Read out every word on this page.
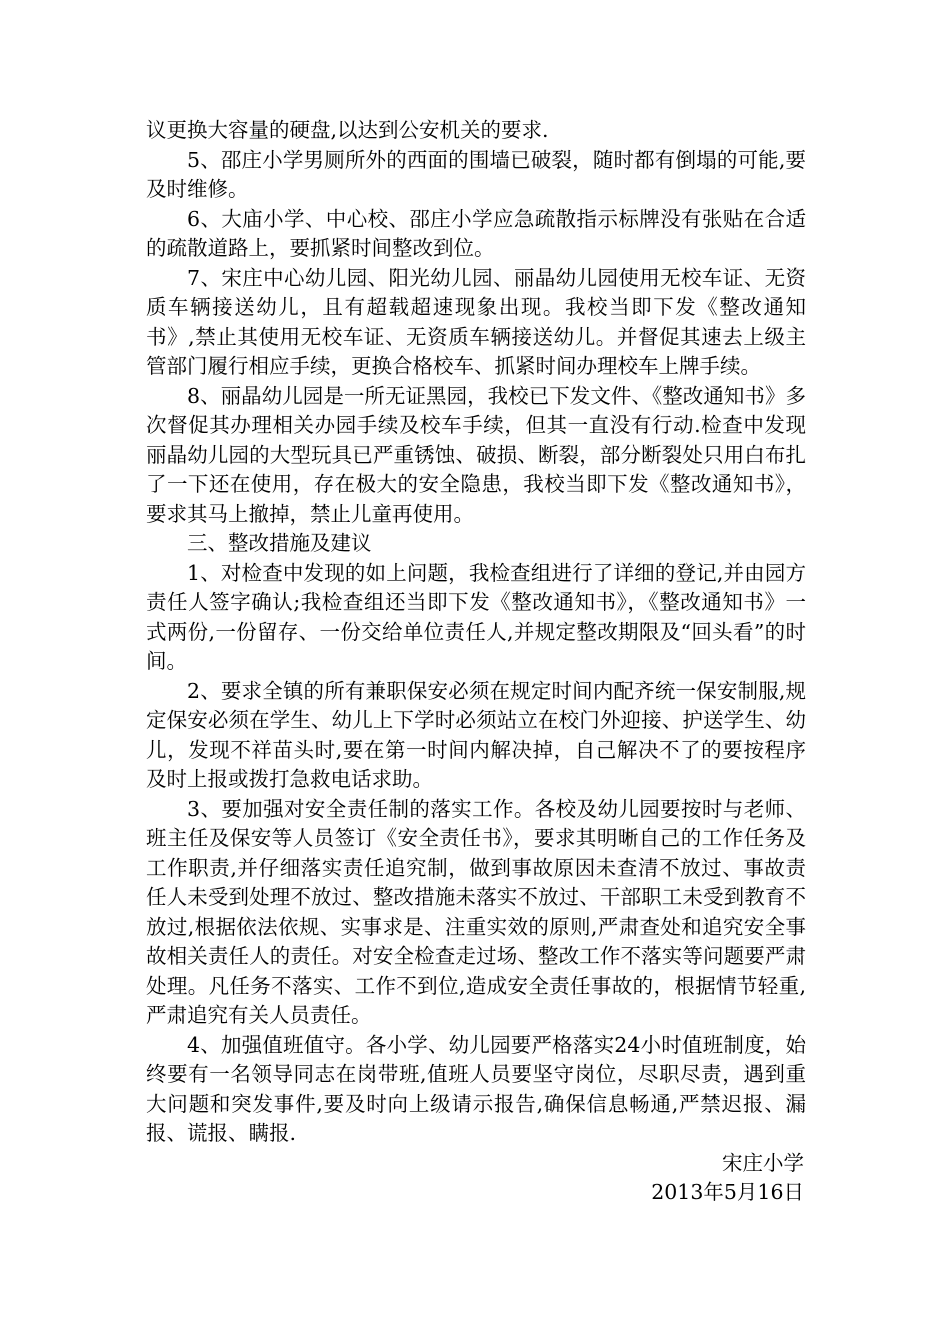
议更换大容量的硬盘,以达到公安机关的要求.

5、邵庄小学男厕所外的西面的围墙已破裂，随时都有倒塌的可能,要及时维修。

6、大庙小学、中心校、邵庄小学应急疏散指示标牌没有张贴在合适的疏散道路上，要抓紧时间整改到位。

7、宋庄中心幼儿园、阳光幼儿园、丽晶幼儿园使用无校车证、无资质车辆接送幼儿，且有超载超速现象出现。我校当即下发《整改通知书》,禁止其使用无校车证、无资质车辆接送幼儿。并督促其速去上级主管部门履行相应手续，更换合格校车、抓紧时间办理校车上牌手续。

8、丽晶幼儿园是一所无证黑园，我校已下发文件、《整改通知书》多次督促其办理相关办园手续及校车手续，但其一直没有行动.检查中发现丽晶幼儿园的大型玩具已严重锈蚀、破损、断裂，部分断裂处只用白布扎了一下还在使用，存在极大的安全隐患，我校当即下发《整改通知书》，要求其马上撤掉，禁止儿童再使用。

三、整改措施及建议

1、对检查中发现的如上问题，我检查组进行了详细的登记,并由园方责任人签字确认;我检查组还当即下发《整改通知书》，《整改通知书》一式两份,一份留存、一份交给单位责任人,并规定整改期限及“回头看”的时间。

2、要求全镇的所有兼职保安必须在规定时间内配齐统一保安制服,规定保安必须在学生、幼儿上下学时必须站立在校门外迎接、护送学生、幼儿，发现不祥苗头时,要在第一时间内解决掉，自己解决不了的要按程序及时上报或拨打急救电话求助。

3、要加强对安全责任制的落实工作。各校及幼儿园要按时与老师、班主任及保安等人员签订《安全责任书》，要求其明晰自己的工作任务及工作职责,并仔细落实责任追究制，做到事故原因未查清不放过、事故责任人未受到处理不放过、整改措施未落实不放过、干部职工未受到教育不放过,根据依法依规、实事求是、注重实效的原则,严肃查处和追究安全事故相关责任人的责任。对安全检查走过场、整改工作不落实等问题要严肃处理。凡任务不落实、工作不到位,造成安全责任事故的，根据情节轻重,严肃追究有关人员责任。

4、加强值班值守。各小学、幼儿园要严格落实24小时值班制度，始终要有一名领导同志在岗带班,值班人员要坚守岗位，尽职尽责，遇到重大问题和突发事件,要及时向上级请示报告,确保信息畅通,严禁迟报、漏报、谎报、瞒报.

宋庄小学

2013年5月16日
